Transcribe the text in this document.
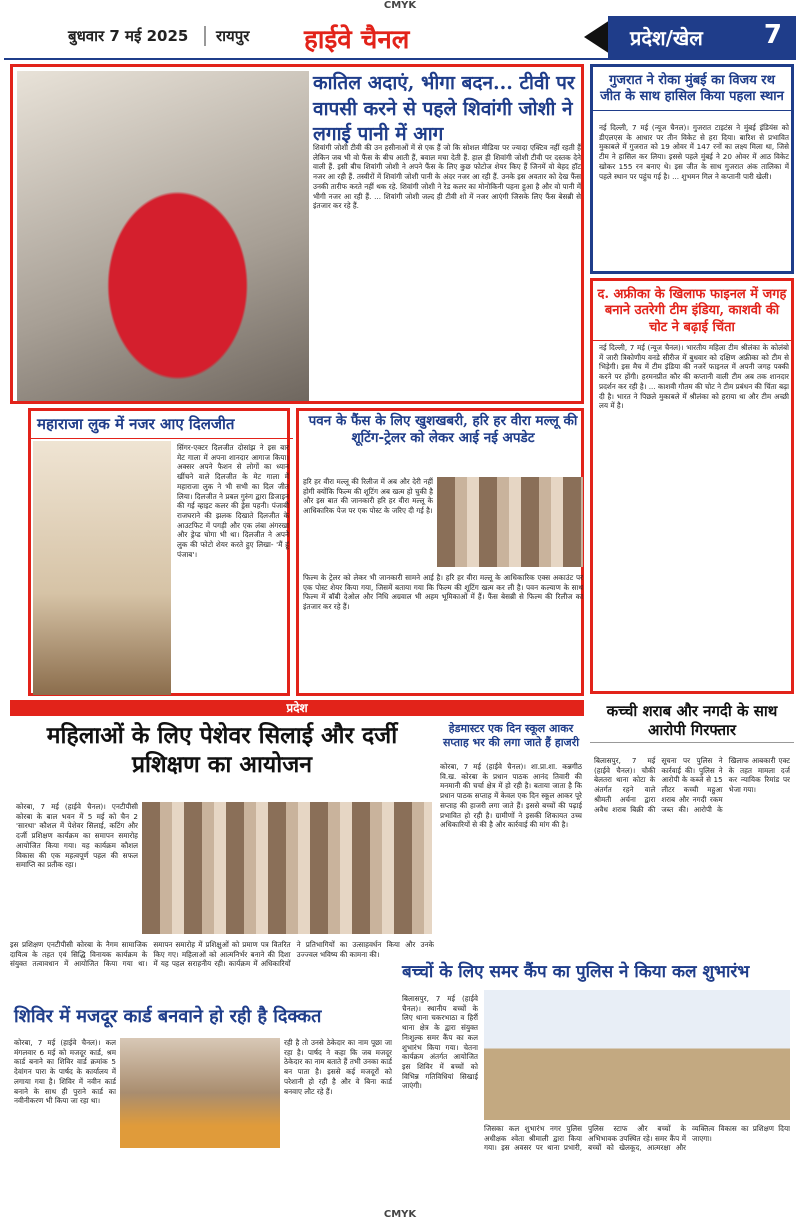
CMYK
बुधवार 7 मई 2025	रायपुर हाईवे चैनल	प्रदेश/खेल 7
कातिल अदाएं, भीगा बदन... टीवी पर वापसी करने से पहले शिवांगी जोशी ने लगाई पानी में आग
शिवांगी जोशी टीवी की उन हसीनाओं में से एक हैं जो कि सोशल मीडिया पर ज्यादा एक्टिव नहीं रहती हैं लेकिन जब भी वो फैंस के बीच आती हैं, बवाल मचा देती हैं. हाल ही शिवांगी जोशी टीवी पर दस्तक देने वाली हैं. इसी बीच शिवांगी जोशी ने अपने फैंस के लिए कुछ फोटोज शेयर किए हैं जिनमें वो बेहद हॉट नजर आ रही हैं. तस्वीरों में शिवांगी जोशी पानी के अंदर नजर आ रही हैं. उनके इस अवतार को देख फैंस उनकी तारीफ करते नहीं थक रहे. शिवांगी जोशी ने रेड कलर का मोनोकिनी पहना हुआ है और वो पानी में भीगी नजर आ रही हैं. ... शिवांगी जोशी जल्द ही टीवी शो में नजर आएंगी जिसके लिए फैंस बेसब्री से इंतजार कर रहे हैं.
गुजरात ने रोका मुंबई का विजय रथ जीत के साथ हासिल किया पहला स्थान
नई दिल्ली, 7 मई (न्यूज चैनल)। गुजरात टाइटंस ने मुंबई इंडियंस को डीएलएस के आधार पर तीन विकेट से हरा दिया। बारिश से प्रभावित मुकाबले में गुजरात को 19 ओवर में 147 रनों का लक्ष्य मिला था, जिसे टीम ने हासिल कर लिया। इससे पहले मुंबई ने 20 ओवर में आठ विकेट खोकर 155 रन बनाए थे। इस जीत के साथ गुजरात अंक तालिका में पहले स्थान पर पहुंच गई है। ... शुभमन गिल ने कप्तानी पारी खेली।
द. अफ्रीका के खिलाफ फाइनल में जगह बनाने उतरेगी टीम इंडिया, काशवी की चोट ने बढ़ाई चिंता
नई दिल्ली, 7 मई (न्यूज चैनल)। भारतीय महिला टीम श्रीलंका के कोलंबो में जारी त्रिकोणीय वनडे सीरीज में बुधवार को दक्षिण अफ्रीका को टीम से भिड़ेगी। इस मैच में टीम इंडिया की नजरें फाइनल में अपनी जगह पक्की करने पर होंगी। हरमनप्रीत कौर की कप्तानी वाली टीम अब तक शानदार प्रदर्शन कर रही है। ... काशवी गौतम की चोट ने टीम प्रबंधन की चिंता बढ़ा दी है। भारत ने पिछले मुकाबले में श्रीलंका को हराया था और टीम अच्छी लय में है।
महाराजा लुक में नजर आए दिलजीत
सिंगर-एक्टर दिलजीत दोसांझ ने इस बार मेट गाला में अपना शानदार आगाज किया। अक्सर अपने फैशन से लोगों का ध्यान खींचने वाले दिलजीत के मेट गाला में महाराजा लुक ने भी सभी का दिल जीत लिया। दिलजीत ने प्रबल गुरुंग द्वारा डिजाइन की गई व्हाइट कलर की ड्रेस पहनी। पंजाबी राजघराने की झलक दिखाते दिलजीत के आउटफिट में पगड़ी और एक लंबा अंगरखा और ड्रेप्ड चोगा भी था। दिलजीत ने अपने लुक की फोटो शेयर करते हुए लिखा- 'मैं हूं पंजाब'।
पवन के फैंस के लिए खुशखबरी, हरि हर वीरा मल्लू की शूटिंग-ट्रेलर को लेकर आई नई अपडेट
हरि हर वीरा मल्लू की रिलीज में अब और देरी नहीं होगी क्योंकि फिल्म की शूटिंग अब खत्म हो चुकी है और इस बात की जानकारी हरि हर वीरा मल्लू के आधिकारिक पेज पर एक पोस्ट के जरिए दी गई है।
फिल्म के ट्रेलर को लेकर भी जानकारी सामने आई है। हरि हर वीरा मल्लू के आधिकारिक एक्स अकाउंट पर एक पोस्ट शेयर किया गया, जिसमें बताया गया कि फिल्म की शूटिंग खत्म कर ली है। पवन कल्याण के साथ फिल्म में बॉबी देओल और निधि अग्रवाल भी अहम भूमिकाओं में हैं। फैंस बेसब्री से फिल्म की रिलीज का इंतजार कर रहे हैं।
प्रदेश
महिलाओं के लिए पेशेवर सिलाई और दर्जी प्रशिक्षण का आयोजन
कोरबा, 7 मई (हाईवे चैनल)। एनटीपीसी कोरबा के बाल भवन में 5 मई को चैन 2 'सारथा' कौशल में पेशेवर सिलाई, कटिंग और दर्जी प्रशिक्षण कार्यक्रम का समापन समारोह आयोजित किया गया। यह कार्यक्रम कौशल विकास की एक महत्वपूर्ण पहल की सफल समाप्ति का प्रतीक रहा।
इस प्रशिक्षण एनटीपीसी कोरबा के नैगम सामाजिक दायित्व के तहत एवं सिद्धि विनायक कार्यक्रम के संयुक्त तत्वावधान में आयोजित किया गया था। समापन समारोह में प्रशिक्षुओं को प्रमाण पत्र वितरित किए गए। महिलाओं को आत्मनिर्भर बनाने की दिशा में यह पहल सराहनीय रही। कार्यक्रम में अधिकारियों ने प्रतिभागियों का उत्साहवर्धन किया और उनके उज्ज्वल भविष्य की कामना की।
हेडमास्टर एक दिन स्कूल आकर सप्ताह भर की लगा जाते हैं हाजरी
कोरबा, 7 मई (हाईवे चैनल)। शा.प्रा.शा. कन्नगीठ वि.ख. कोरबा के प्रधान पाठक आनंद तिवारी की मनमानी की चर्चा क्षेत्र में हो रही है। बताया जाता है कि प्रधान पाठक सप्ताह में केवल एक दिन स्कूल आकर पूरे सप्ताह की हाजरी लगा जाते हैं। इससे बच्चों की पढ़ाई प्रभावित हो रही है। ग्रामीणों ने इसकी शिकायत उच्च अधिकारियों से की है और कार्रवाई की मांग की है।
कच्ची शराब और नगदी के साथ आरोपी गिरफ्तार
बिलासपुर, 7 मई (हाईवे चैनल)। चौकी बेलतरा थाना कोटा के अंतर्गत रहने वाले श्रीमती अर्चना द्वारा अवैध शराब बिक्री की सूचना पर पुलिस ने कार्रवाई की। पुलिस ने आरोपी के कब्जे से 15 लीटर कच्ची महुआ शराब और नगदी रकम जब्त की। आरोपी के खिलाफ आबकारी एक्ट के तहत मामला दर्ज कर न्यायिक रिमांड पर भेजा गया।
शिविर में मजदूर कार्ड बनवाने हो रही है दिक्कत
कोरबा, 7 मई (हाईवे चैनल)। कल मंगलवार 6 मई को मजदूर कार्ड, श्रम कार्ड बनाने का शिविर वार्ड क्रमांक 5 देवांगन पारा के पार्षद के कार्यालय में लगाया गया है। शिविर में नवीन कार्ड बनाने के साथ ही पुराने कार्ड का नवीनीकरण भी किया जा रहा था।
रही है तो उनसे ठेकेदार का नाम पूछा जा रहा है। पार्षद ने कहा कि जब मजदूर ठेकेदार का नाम बताते हैं तभी उनका कार्ड बन पाता है। इससे कई मजदूरों को परेशानी हो रही है और वे बिना कार्ड बनवाए लौट रहे हैं।
बच्चों के लिए समर कैंप का पुलिस ने किया कल शुभारंभ
बिलासपुर, 7 मई (हाईवे चैनल)। स्थानीय बच्चों के लिए थाना चकरभाठा व हिर्री थाना क्षेत्र के द्वारा संयुक्त निःशुल्क समर कैंप का कल शुभारंभ किया गया। चेतना कार्यक्रम अंतर्गत आयोजित इस शिविर में बच्चों को विभिन्न गतिविधियां सिखाई जाएंगी।
जिसका कल शुभारंभ नगर पुलिस अधीक्षक श्वेता श्रीमाली द्वारा किया गया। इस अवसर पर थाना प्रभारी, पुलिस स्टाफ और बच्चों के अभिभावक उपस्थित रहे। समर कैंप में बच्चों को खेलकूद, आत्मरक्षा और व्यक्तित्व विकास का प्रशिक्षण दिया जाएगा।
CMYK
